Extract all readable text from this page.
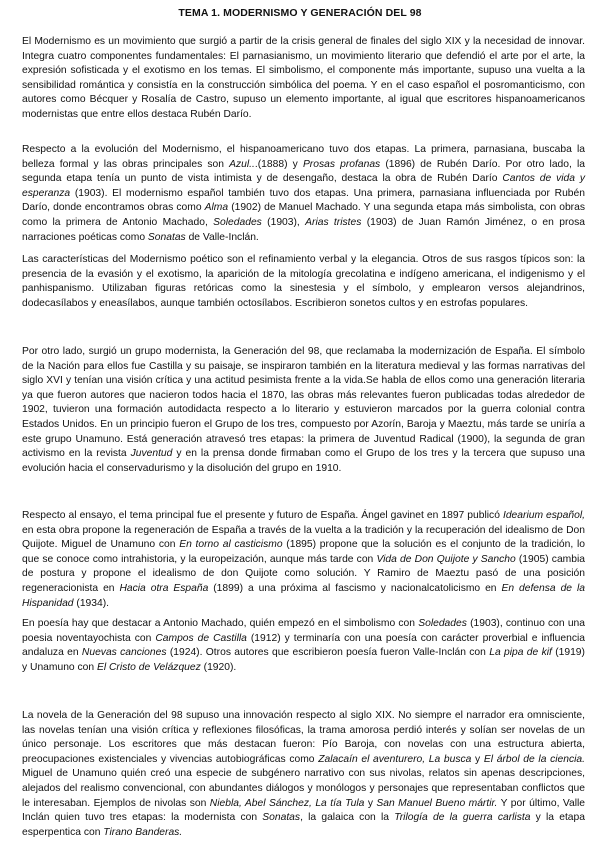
TEMA 1. MODERNISMO Y GENERACIÓN DEL 98

El Modernismo es un movimiento que surgió a partir de la crisis general de finales del siglo XIX y la necesidad de innovar. Integra cuatro componentes fundamentales: El parnasianismo, un movimiento literario que defendió el arte por el arte, la expresión sofisticada y el exotismo en los temas. El simbolismo, el componente más importante, supuso una vuelta a la sensibilidad romántica y consistía en la construcción simbólica del poema. Y en el caso español el posromanticismo, con autores como Bécquer y Rosalía de Castro, supuso un elemento importante, al igual que escritores hispanoamericanos modernistas que entre ellos destaca Rubén Darío.

Respecto a la evolución del Modernismo, el hispanoamericano tuvo dos etapas. La primera, parnasiana, buscaba la belleza formal y las obras principales son Azul...(1888) y Prosas profanas (1896) de Rubén Darío. Por otro lado, la segunda etapa tenía un punto de vista intimista y de desengaño, destaca la obra de Rubén Darío Cantos de vida y esperanza (1903). El modernismo español también tuvo dos etapas. Una primera, parnasiana influenciada por Rubén Darío, donde encontramos obras como Alma (1902) de Manuel Machado. Y una segunda etapa más simbolista, con obras como la primera de Antonio Machado, Soledades (1903), Arias tristes (1903) de Juan Ramón Jiménez, o en prosa narraciones poéticas como Sonatas de Valle-Inclán.

Las características del Modernismo poético son el refinamiento verbal y la elegancia. Otros de sus rasgos típicos son: la presencia de la evasión y el exotismo, la aparición de la mitología grecolatina e indígeno americana, el indigenismo y el panhispanismo. Utilizaban figuras retóricas como la sinestesia y el símbolo, y emplearon versos alejandrinos, dodecasílabos y eneasílabos, aunque también octosílabos. Escribieron sonetos cultos y en estrofas populares.

Por otro lado, surgió un grupo modernista, la Generación del 98, que reclamaba la modernización de España. El símbolo de la Nación para ellos fue Castilla y su paisaje, se inspiraron también en la literatura medieval y las formas narrativas del siglo XVI y tenían una visión crítica y una actitud pesimista frente a la vida.Se habla de ellos como una generación literaria ya que fueron autores que nacieron todos hacia el 1870, las obras más relevantes fueron publicadas todas alrededor de 1902, tuvieron una formación autodidacta respecto a lo literario y estuvieron marcados por la guerra colonial contra Estados Unidos. En un principio fueron el Grupo de los tres, compuesto por Azorín, Baroja y Maeztu, más tarde se uniría a este grupo Unamuno. Está generación atravesó tres etapas: la primera de Juventud Radical (1900), la segunda de gran activismo en la revista Juventud y en la prensa donde firmaban como el Grupo de los tres y la tercera que supuso una evolución hacia el conservadurismo y la disolución del grupo en 1910.

Respecto al ensayo, el tema principal fue el presente y futuro de España. Ángel gavinet en 1897 publicó Idearium español, en esta obra propone la regeneración de España a través de la vuelta a la tradición y la recuperación del idealismo de Don Quijote. Miguel de Unamuno con En torno al casticismo (1895) propone que la solución es el conjunto de la tradición, lo que se conoce como intrahistoria, y la europeización, aunque más tarde con Vida de Don Quijote y Sancho (1905) cambia de postura y propone el idealismo de don Quijote como solución. Y Ramiro de Maeztu pasó de una posición regeneracionista en Hacia otra España (1899) a una próxima al fascismo y nacionalcatolicismo en En defensa de la Hispanidad (1934).

En poesía hay que destacar a Antonio Machado, quién empezó en el simbolismo con Soledades (1903), continuo con una poesia noventayochista con Campos de Castilla (1912) y terminaría con una poesía con carácter proverbial e influencia andaluza en Nuevas canciones (1924). Otros autores que escribieron poesía fueron Valle-Inclán con La pipa de kif (1919) y Unamuno con El Cristo de Velázquez (1920).

La novela de la Generación del 98 supuso una innovación respecto al siglo XIX. No siempre el narrador era omnisciente, las novelas tenían una visión crítica y reflexiones filosóficas, la trama amorosa perdió interés y solían ser novelas de un único personaje. Los escritores que más destacan fueron: Pío Baroja, con novelas con una estructura abierta, preocupaciones existenciales y vivencias autobiográficas como Zalacaín el aventurero, La busca y El árbol de la ciencia. Miguel de Unamuno quién creó una especie de subgénero narrativo con sus nivolas, relatos sin apenas descripciones, alejados del realismo convencional, con abundantes diálogos y monólogos y personajes que representaban conflictos que le interesaban. Ejemplos de nivolas son Niebla, Abel Sánchez, La tía Tula y San Manuel Bueno mártir. Y por último, Valle Inclán quien tuvo tres etapas: la modernista con Sonatas, la galaica con la Trilogía de la guerra carlista y la etapa esperpentica con Tirano Banderas.
